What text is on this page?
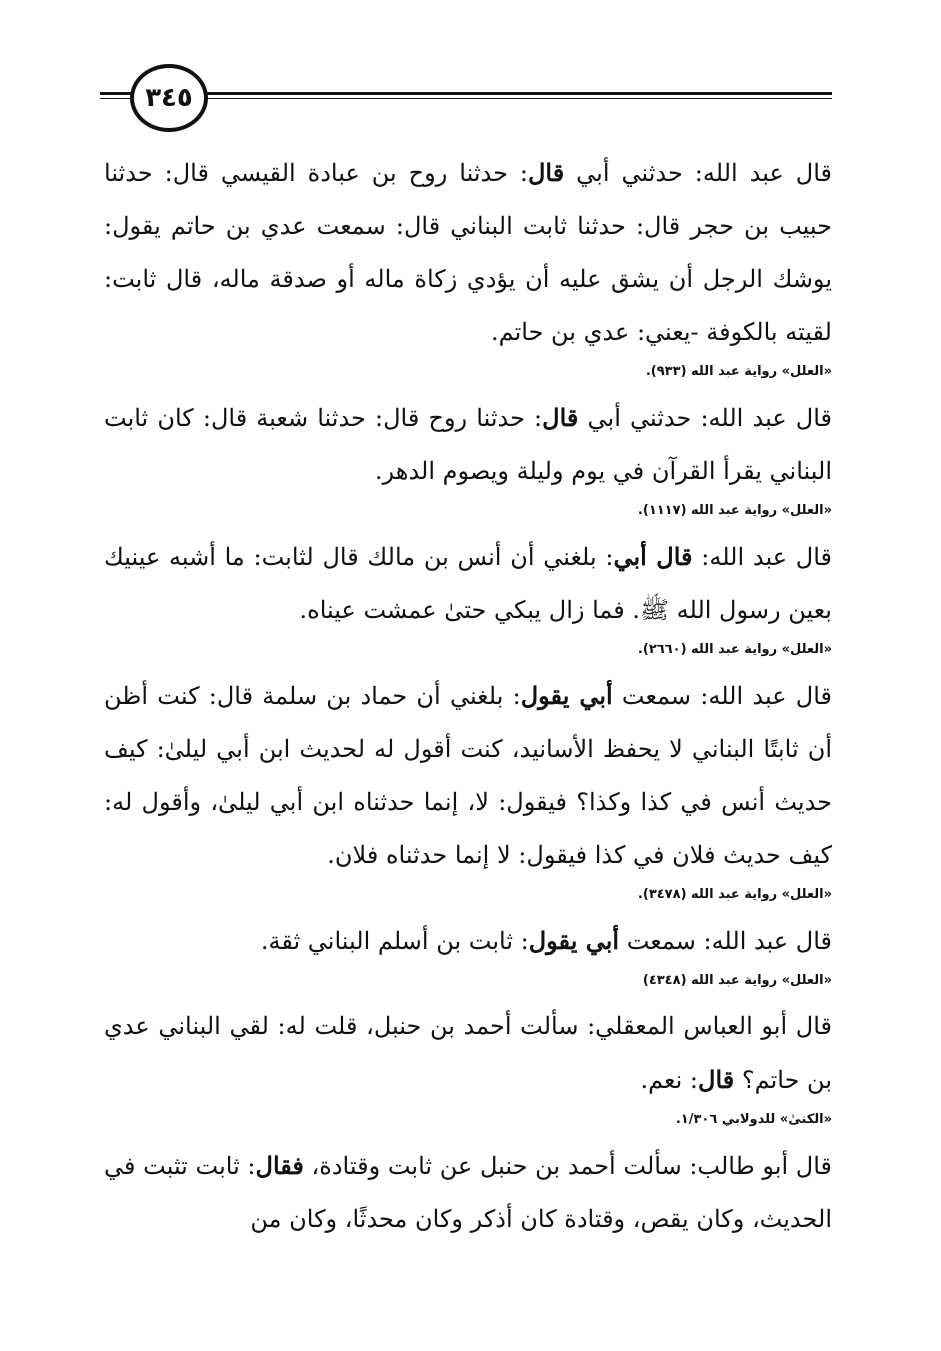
٣٤٥

قال عبد الله: حدثني أبي قال: حدثنا روح بن عبادة القيسي قال: حدثنا حبيب بن حجر قال: حدثنا ثابت البناني قال: سمعت عدي بن حاتم يقول: يوشك الرجل أن يشق عليه أن يؤدي زكاة ماله أو صدقة ماله، قال ثابت: لقيته بالكوفة -يعني: عدي بن حاتم.

«العلل» رواية عبد الله (٩٣٣).

قال عبد الله: حدثني أبي قال: حدثنا روح قال: حدثنا شعبة قال: كان ثابت البناني يقرأ القرآن في يوم وليلة ويصوم الدهر.

«العلل» رواية عبد الله (١١١٧).

قال عبد الله: قال أبي: بلغني أن أنس بن مالك قال لثابت: ما أشبه عينيك بعين رسول الله ﷺ. فما زال يبكي حتىٰ عمشت عيناه.

«العلل» رواية عبد الله (٢٦٦٠).

قال عبد الله: سمعت أبي يقول: بلغني أن حماد بن سلمة قال: كنت أظن أن ثابتًا البناني لا يحفظ الأسانيد، كنت أقول له لحديث ابن أبي ليلىٰ: كيف حديث أنس في كذا وكذا؟ فيقول: لا، إنما حدثناه ابن أبي ليلىٰ، وأقول له: كيف حديث فلان في كذا فيقول: لا إنما حدثناه فلان.

«العلل» رواية عبد الله (٣٤٧٨).

قال عبد الله: سمعت أبي يقول: ثابت بن أسلم البناني ثقة.

«العلل» رواية عبد الله (٤٣٤٨)

قال أبو العباس المعقلي: سألت أحمد بن حنبل، قلت له: لقي البناني عدي بن حاتم؟ قال: نعم.

«الكنىٰ» للدولابي ١/٣٠٦.

قال أبو طالب: سألت أحمد بن حنبل عن ثابت وقتادة، فقال: ثابت تثبت في الحديث، وكان يقص، وقتادة كان أذكر وكان محدثًا، وكان من
